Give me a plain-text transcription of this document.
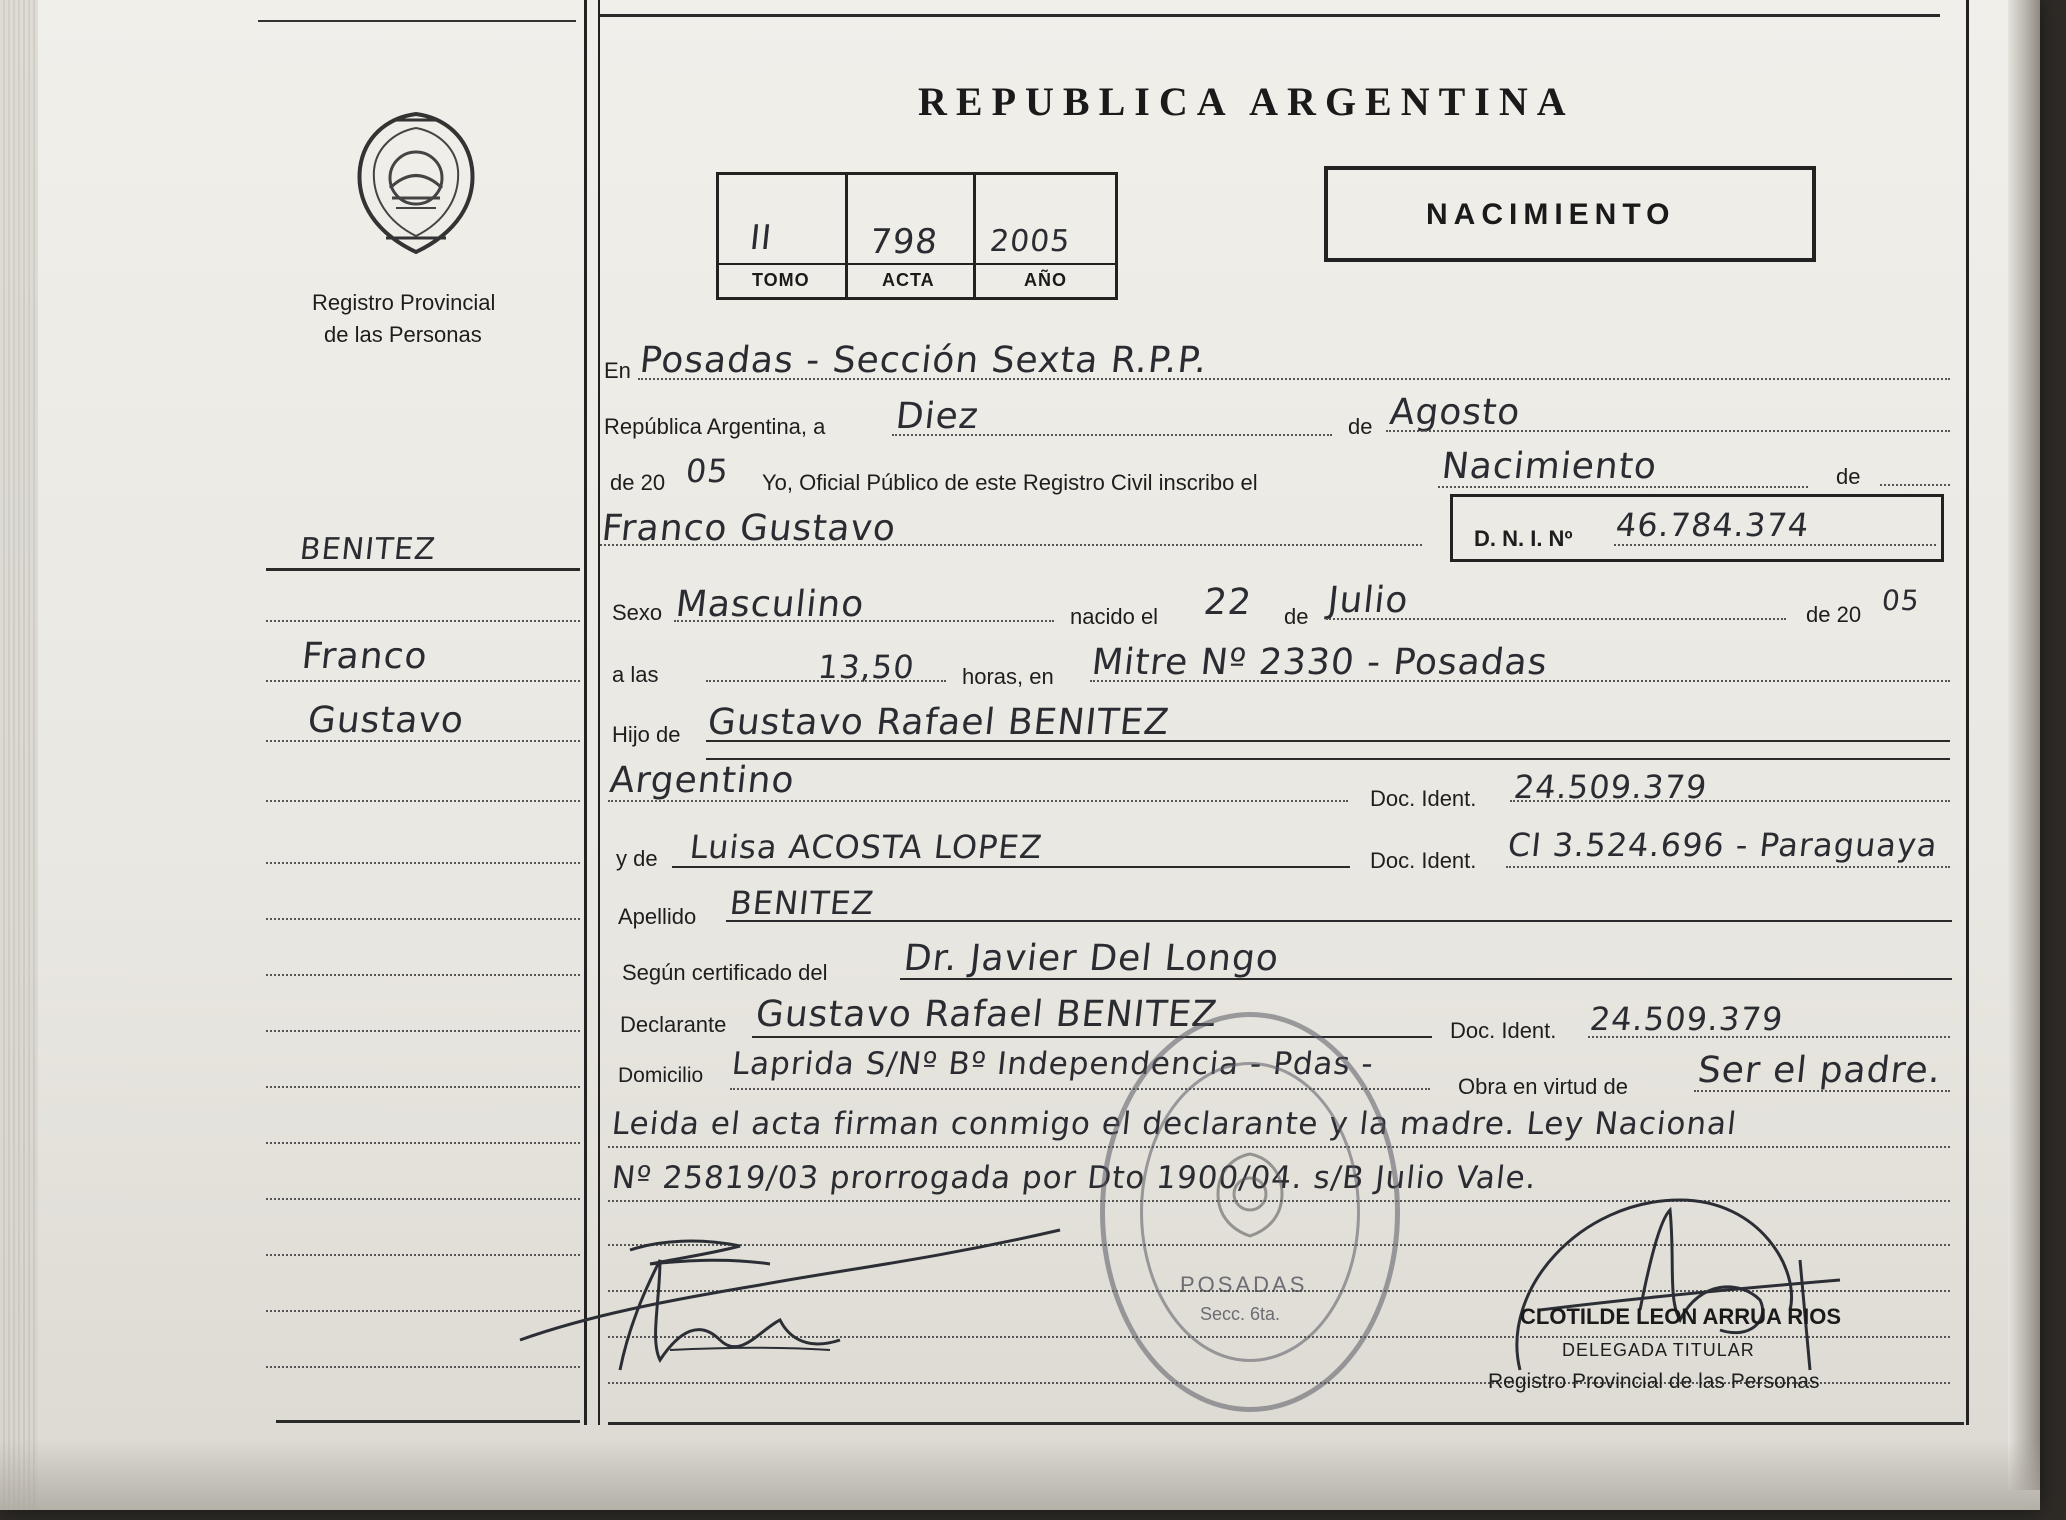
Registro Provincial
de las Personas
REPUBLICA ARGENTINA
II	798 2005
TOMO	ACTA	AÑO
NACIMIENTO
BENITEZ
Franco
Gustavo
En Posadas - Sección Sexta R.P.P.
República Argentina, a Diez	de Agosto
de 20 05 Yo, Oficial Público de este Registro Civil inscribo el	Nacimiento	de
Franco Gustavo	D. N. I. Nº 46.784.374
Sexo Masculino	nacido el 22 de Julio	de 20 05
a las	13,50 horas, en Mitre Nº 2330 - Posadas
Hijo de Gustavo Rafael BENITEZ
Argentino	Doc. Ident. 24.509.379
y de Luisa ACOSTA LOPEZ	Doc. Ident. CI 3.524.696 - Paraguaya
Apellido BENITEZ
Según certificado del Dr. Javier Del Longo
Declarante Gustavo Rafael BENITEZ	Doc. Ident. 24.509.379
Domicilio Laprida S/Nº Bº Independencia - Pdas -
Obra en virtud de Ser el padre.
Leida el acta firman conmigo el declarante y la madre. Ley Nacional
Nº 25819/03 prorrogada por Dto 1900/04. s/B Julio Vale.
POSADAS
Secc. 6ta.	CLOTILDE LEON ARRUA RIOS
DELEGADA TITULAR
Registro Provincial de las Personas
